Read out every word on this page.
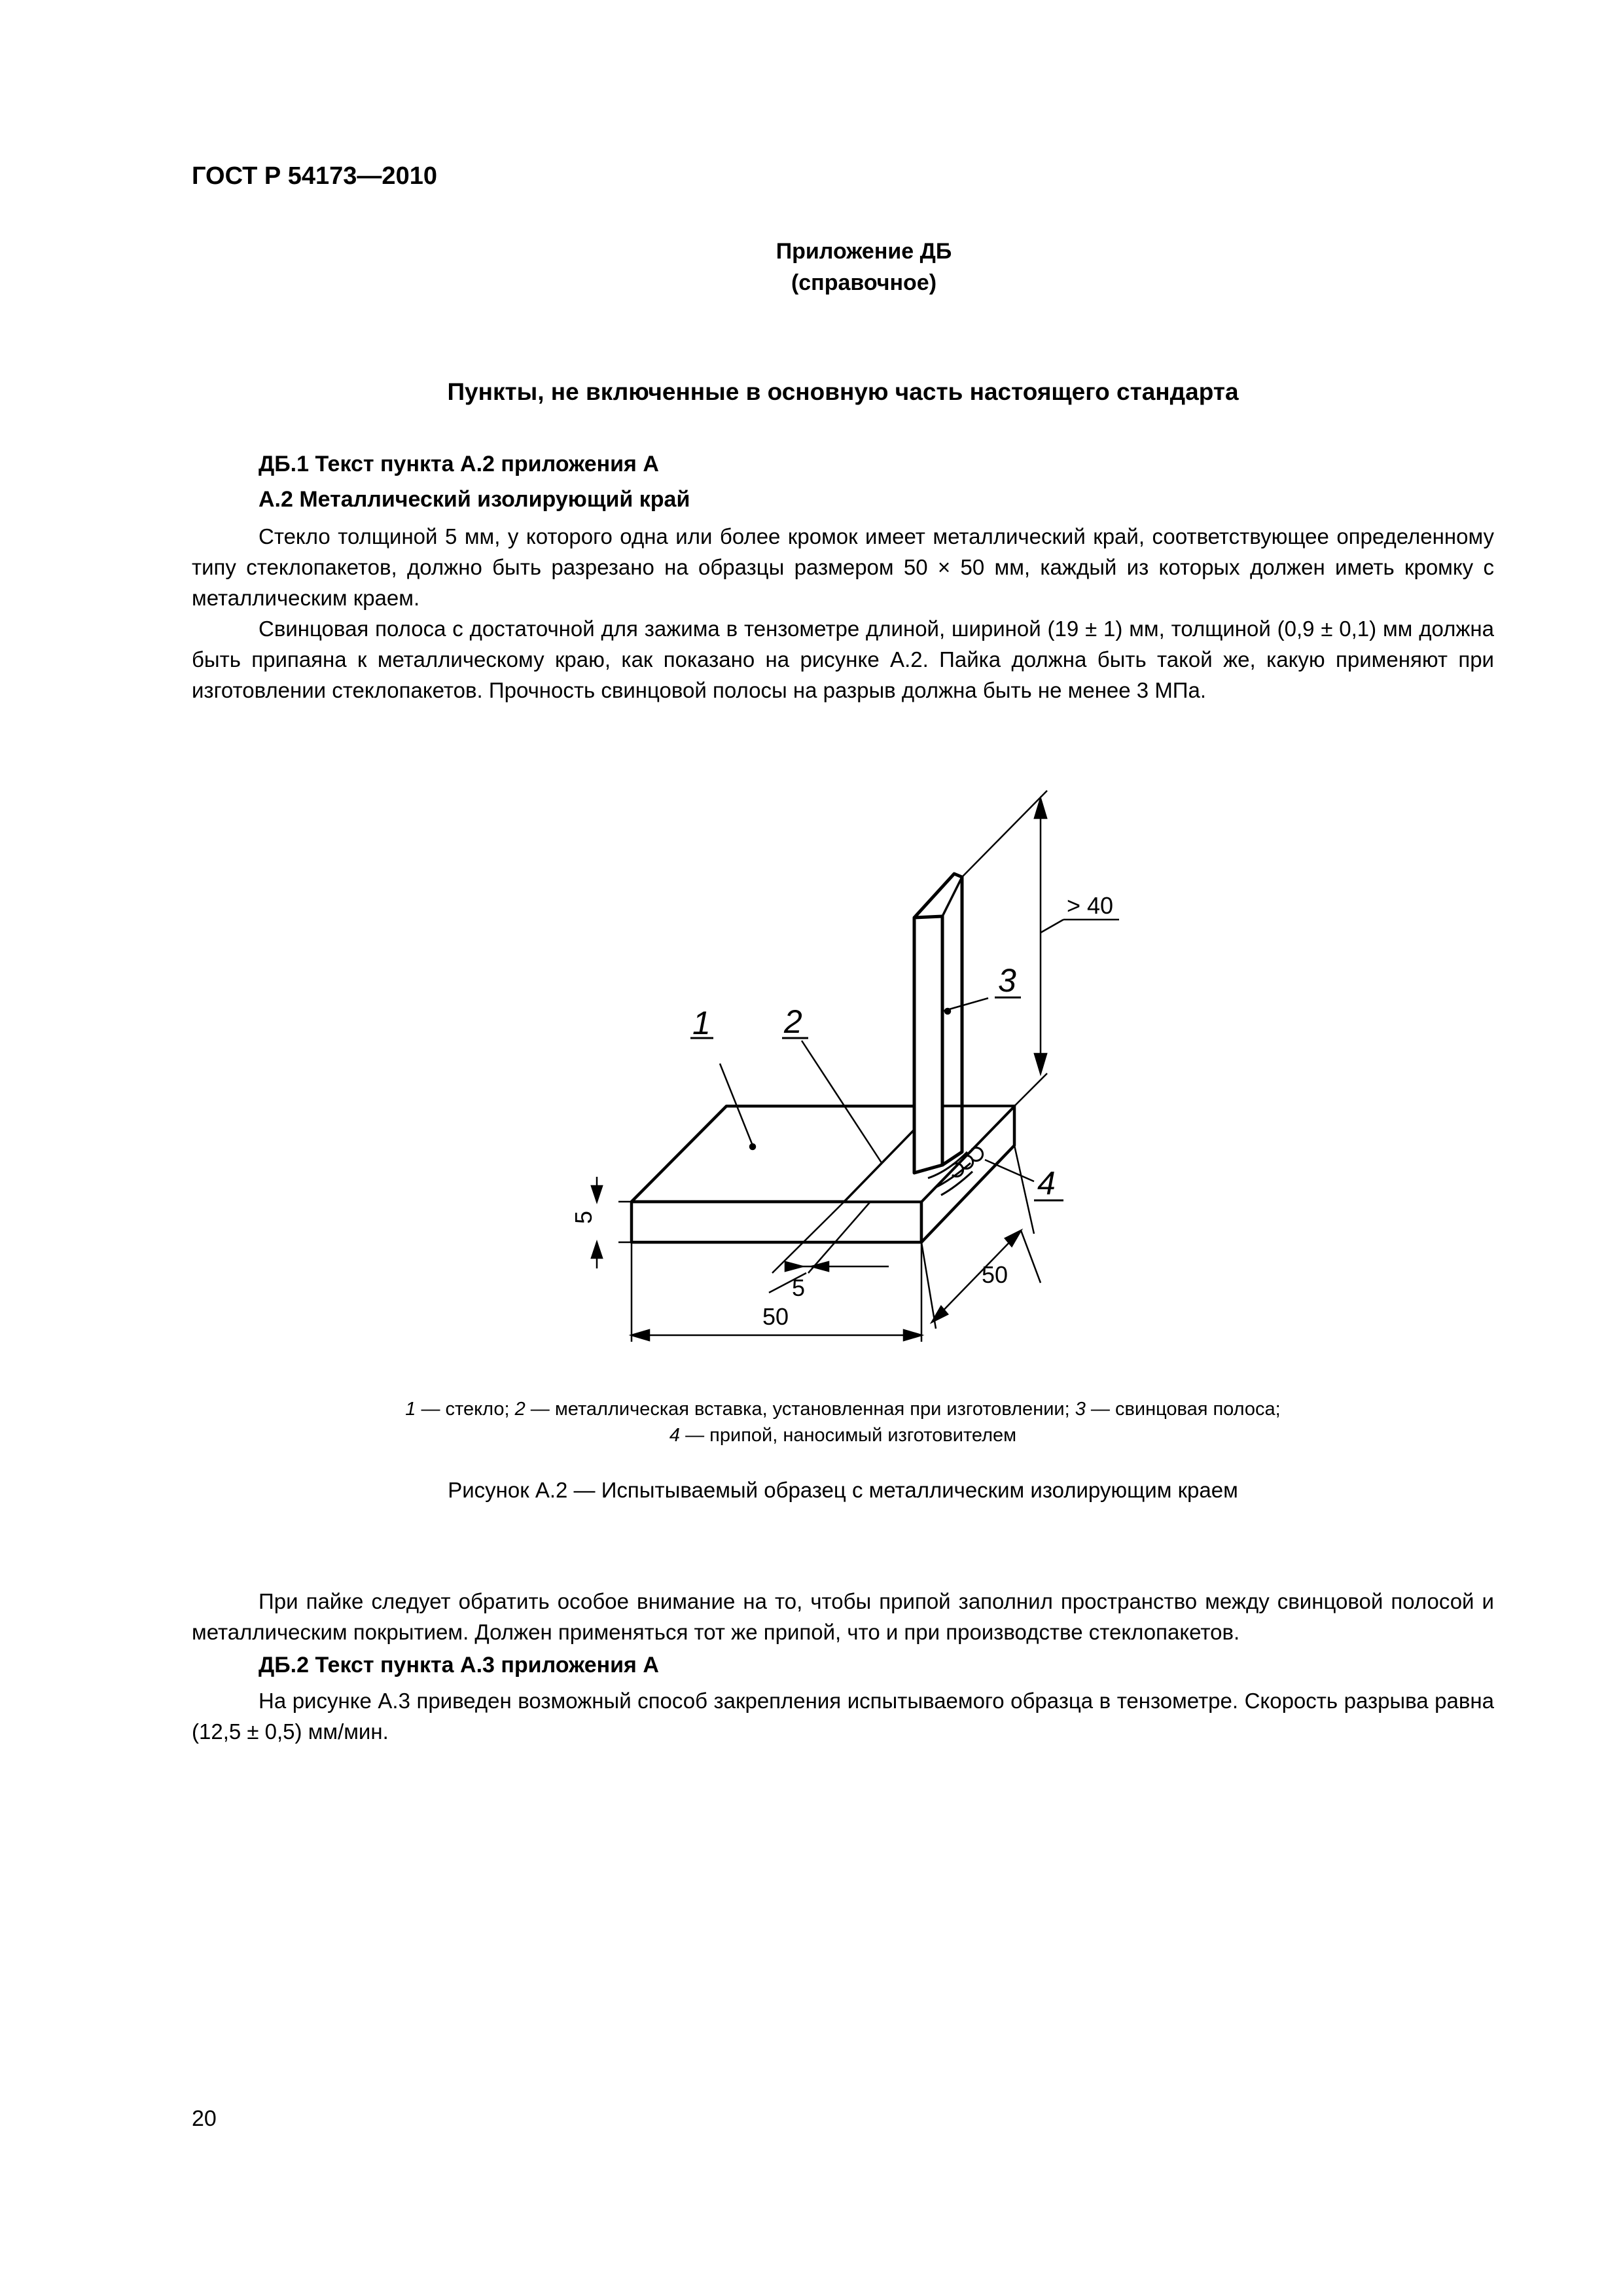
ГОСТ Р 54173—2010
Приложение ДБ
(справочное)
Пункты, не включенные в основную часть настоящего стандарта
ДБ.1 Текст пункта А.2 приложения А
А.2 Металлический изолирующий край

Стекло толщиной 5 мм, у которого одна или более кромок имеет металлический край, соответствующее определенному типу стеклопакетов, должно быть разрезано на образцы размером 50 × 50 мм, каждый из которых должен иметь кромку с металлическим краем.

Свинцовая полоса с достаточной для зажима в тензометре длиной, шириной (19 ± 1) мм, толщиной (0,9 ± 0,1) мм должна быть припаяна к металлическому краю, как показано на рисунке А.2. Пайка должна быть такой же, какую применяют при изготовлении стеклопакетов. Прочность свинцовой полосы на разрыв должна быть не менее 3 МПа.

> 40
5
5
50
50
1 2
3
4
1 — стекло; 2 — металлическая вставка, установленная при изготовлении; 3 — свинцовая полоса;
4 — припой, наносимый изготовителем
Рисунок А.2 — Испытываемый образец с металлическим изолирующим краем

При пайке следует обратить особое внимание на то, чтобы припой заполнил пространство между свинцовой полосой и металлическим покрытием. Должен применяться тот же припой, что и при производстве стеклопакетов.

ДБ.2 Текст пункта А.3 приложения А

На рисунке А.3 приведен возможный способ закрепления испытываемого образца в тензометре. Скорость разрыва равна (12,5 ± 0,5) мм/мин.

20
